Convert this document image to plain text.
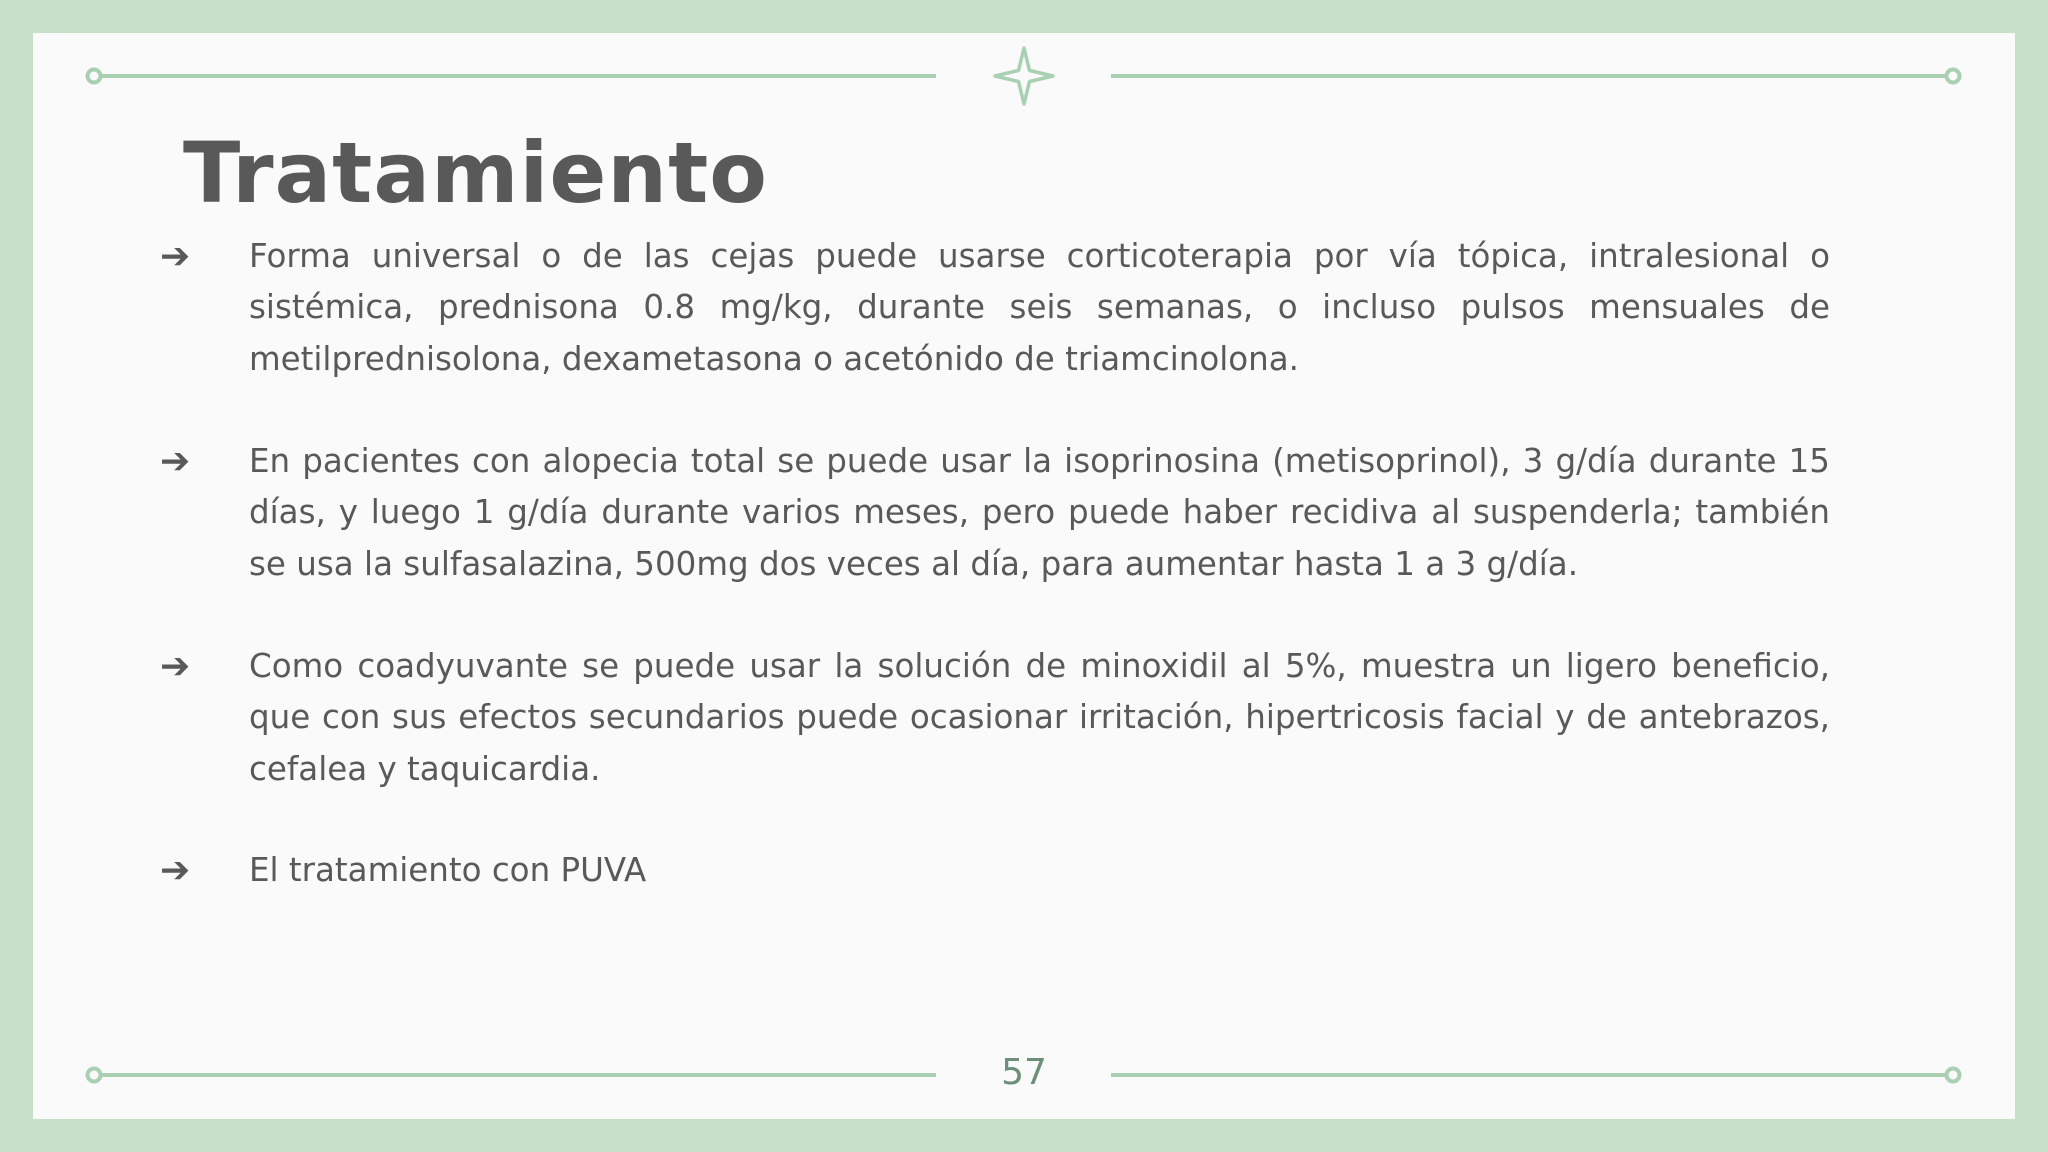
Tratamiento
➔ Forma universal o de las cejas puede usarse corticoterapia por vía tópica, intralesional o sistémica, prednisona 0.8 mg/kg, durante seis semanas, o incluso pulsos mensuales de metilprednisolona, dexametasona o acetónido de triamcinolona.
➔ En pacientes con alopecia total se puede usar la isoprinosina (metisoprinol), 3 g/día durante 15 días, y luego 1 g/día durante varios meses, pero puede haber recidiva al suspenderla; también se usa la sulfasalazina, 500mg dos veces al día, para aumentar hasta 1 a 3 g/día.
➔ Como coadyuvante se puede usar la solución de minoxidil al 5%, muestra un ligero beneficio, que con sus efectos secundarios puede ocasionar irritación, hipertricosis facial y de antebrazos, cefalea y taquicardia.
➔ El tratamiento con PUVA
57
